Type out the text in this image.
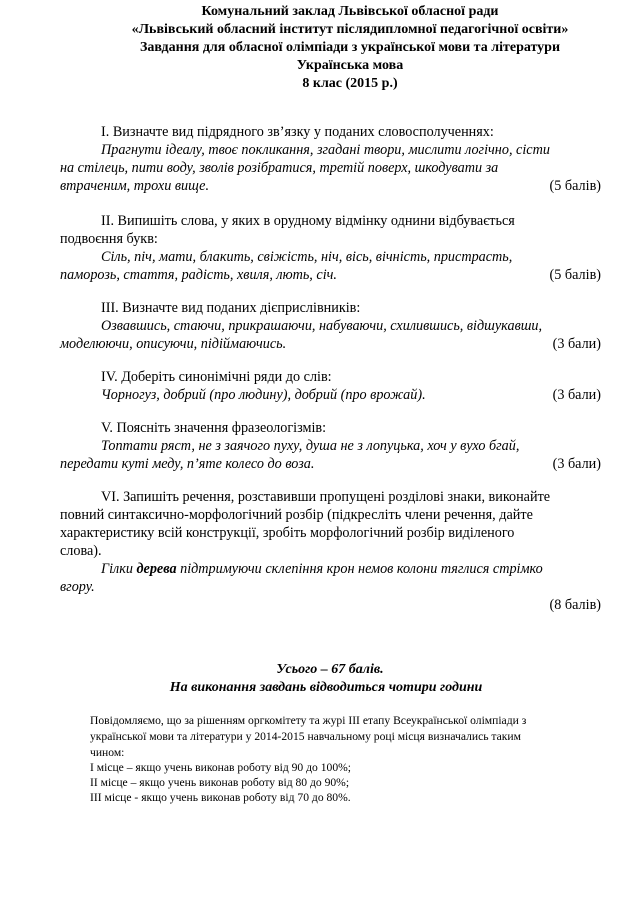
Комунальний заклад Львівської обласної ради
«Львівський обласний інститут післядипломної педагогічної освіти»
Завдання для обласної олімпіади з української мови та літератури
Українська мова
8 клас (2015 р.)
I. Визначте вид підрядного зв’язку у поданих словосполученнях:
Прагнути ідеалу, твоє покликання, згадані твори, мислити логічно, сісти
на стілець, пити воду, зволів розібратися, третій поверх, шкодувати за
втраченим, трохи вище.	(5 балів)
II. Випишіть слова, у яких в орудному відмінку однини відбувається
подвоєння букв:
Сіль, піч, мати, блакить, свіжість, ніч, вісь, вічність, пристрасть,
паморозь, стаття, радість, хвиля, лють, січ.	(5 балів)
III. Визначте вид поданих дієприслівників:
Озвавшись, стаючи, прикрашаючи, набуваючи, схилившись, відшукавши,
моделюючи, описуючи, підіймаючись.	(3 бали)
IV. Доберіть синонімічні ряди до слів:
Чорногуз, добрий (про людину), добрий (про врожай).	(3 бали)
V. Поясніть значення фразеологізмів:
Топтати ряст, не з заячого пуху, душа не з лопуцька, хоч у вухо бгай,
передати куті меду, п’яте колесо до воза.	(3 бали)
VI. Запишіть речення, розставивши пропущені розділові знаки, виконайте
повний синтаксично-морфологічний розбір (підкресліть члени речення, дайте
характеристику всій конструкції, зробіть морфологічний розбір виділеного
слова).
Гілки дерева підтримуючи склепіння крон немов колони тяглися стрімко
вгору.
(8 балів)
Усього – 67 балів.
На виконання завдань відводиться чотири години
Повідомляємо, що за рішенням оргкомітету та журі ІІІ етапу Всеукраїнської олімпіади з
української мови та літератури у 2014-2015 навчальному році місця визначались таким
чином:
І місце – якщо учень виконав роботу від 90 до 100%;
ІІ місце – якщо учень виконав роботу від 80 до 90%;
ІІІ місце - якщо учень виконав роботу від 70 до 80%.
